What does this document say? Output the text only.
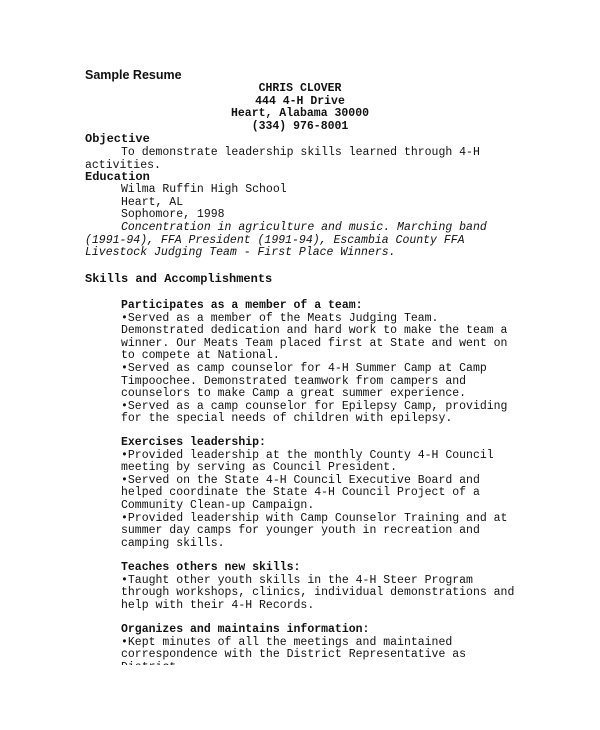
Sample Resume
CHRIS CLOVER
444 4-H Drive
Heart, Alabama 30000
(334) 976-8001
Objective
To demonstrate leadership skills learned through 4-H activities.
Education
Wilma Ruffin High School
Heart, AL
Sophomore, 1998
Concentration in agriculture and music. Marching band (1991-94), FFA President (1991-94), Escambia County FFA Livestock Judging Team - First Place Winners.
Skills and Accomplishments
Participates as a member of a team:
•Served as a member of the Meats Judging Team. Demonstrated dedication and hard work to make the team a winner. Our Meats Team placed first at State and went on to compete at National.
•Served as camp counselor for 4-H Summer Camp at Camp Timpoochee. Demonstrated teamwork from campers and counselors to make Camp a great summer experience.
•Served as a camp counselor for Epilepsy Camp, providing for the special needs of children with epilepsy.
Exercises leadership:
•Provided leadership at the monthly County 4-H Council meeting by serving as Council President.
•Served on the State 4-H Council Executive Board and helped coordinate the State 4-H Council Project of a Community Clean-up Campaign.
•Provided leadership with Camp Counselor Training and at summer day camps for younger youth in recreation and camping skills.
Teaches others new skills:
•Taught other youth skills in the 4-H Steer Program through workshops, clinics, individual demonstrations and help with their 4-H Records.
Organizes and maintains information:
•Kept minutes of all the meetings and maintained correspondence with the District Representative as
